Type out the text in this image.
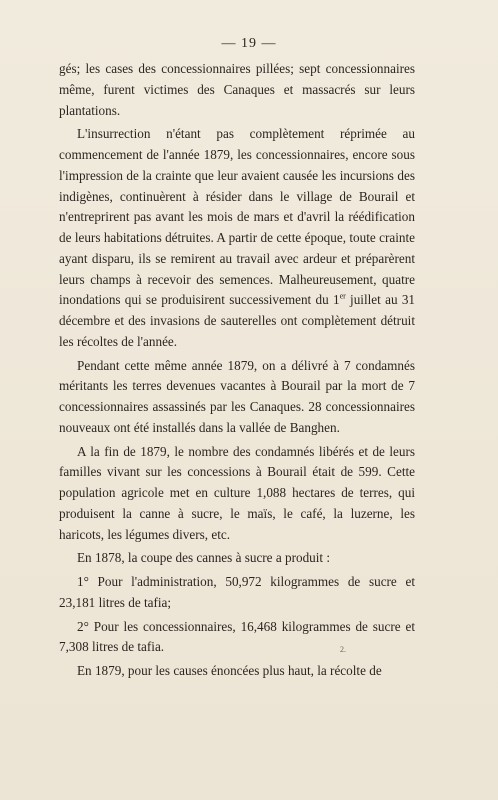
— 19 —

gés; les cases des concessionnaires pillées; sept concessionnaires même, furent victimes des Canaques et massacrés sur leurs plantations.

L'insurrection n'étant pas complètement réprimée au commencement de l'année 1879, les concessionnaires, encore sous l'impression de la crainte que leur avaient causée les incursions des indigènes, continuèrent à résider dans le village de Bourail et n'entreprirent pas avant les mois de mars et d'avril la réédification de leurs habitations détruites. A partir de cette époque, toute crainte ayant disparu, ils se remirent au travail avec ardeur et préparèrent leurs champs à recevoir des semences. Malheureusement, quatre inondations qui se produisirent successivement du 1er juillet au 31 décembre et des invasions de sauterelles ont complètement détruit les récoltes de l'année.

Pendant cette même année 1879, on a délivré à 7 condamnés méritants les terres devenues vacantes à Bourail par la mort de 7 concessionnaires assassinés par les Canaques. 28 concessionnaires nouveaux ont été installés dans la vallée de Banghen.

A la fin de 1879, le nombre des condamnés libérés et de leurs familles vivant sur les concessions à Bourail était de 599. Cette population agricole met en culture 1,088 hectares de terres, qui produisent la canne à sucre, le maïs, le café, la luzerne, les haricots, les légumes divers, etc.

En 1878, la coupe des cannes à sucre a produit :

1° Pour l'administration, 50,972 kilogrammes de sucre et 23,181 litres de tafia;

2° Pour les concessionnaires, 16,468 kilogrammes de sucre et 7,308 litres de tafia.

En 1879, pour les causes énoncées plus haut, la récolte de

2.
